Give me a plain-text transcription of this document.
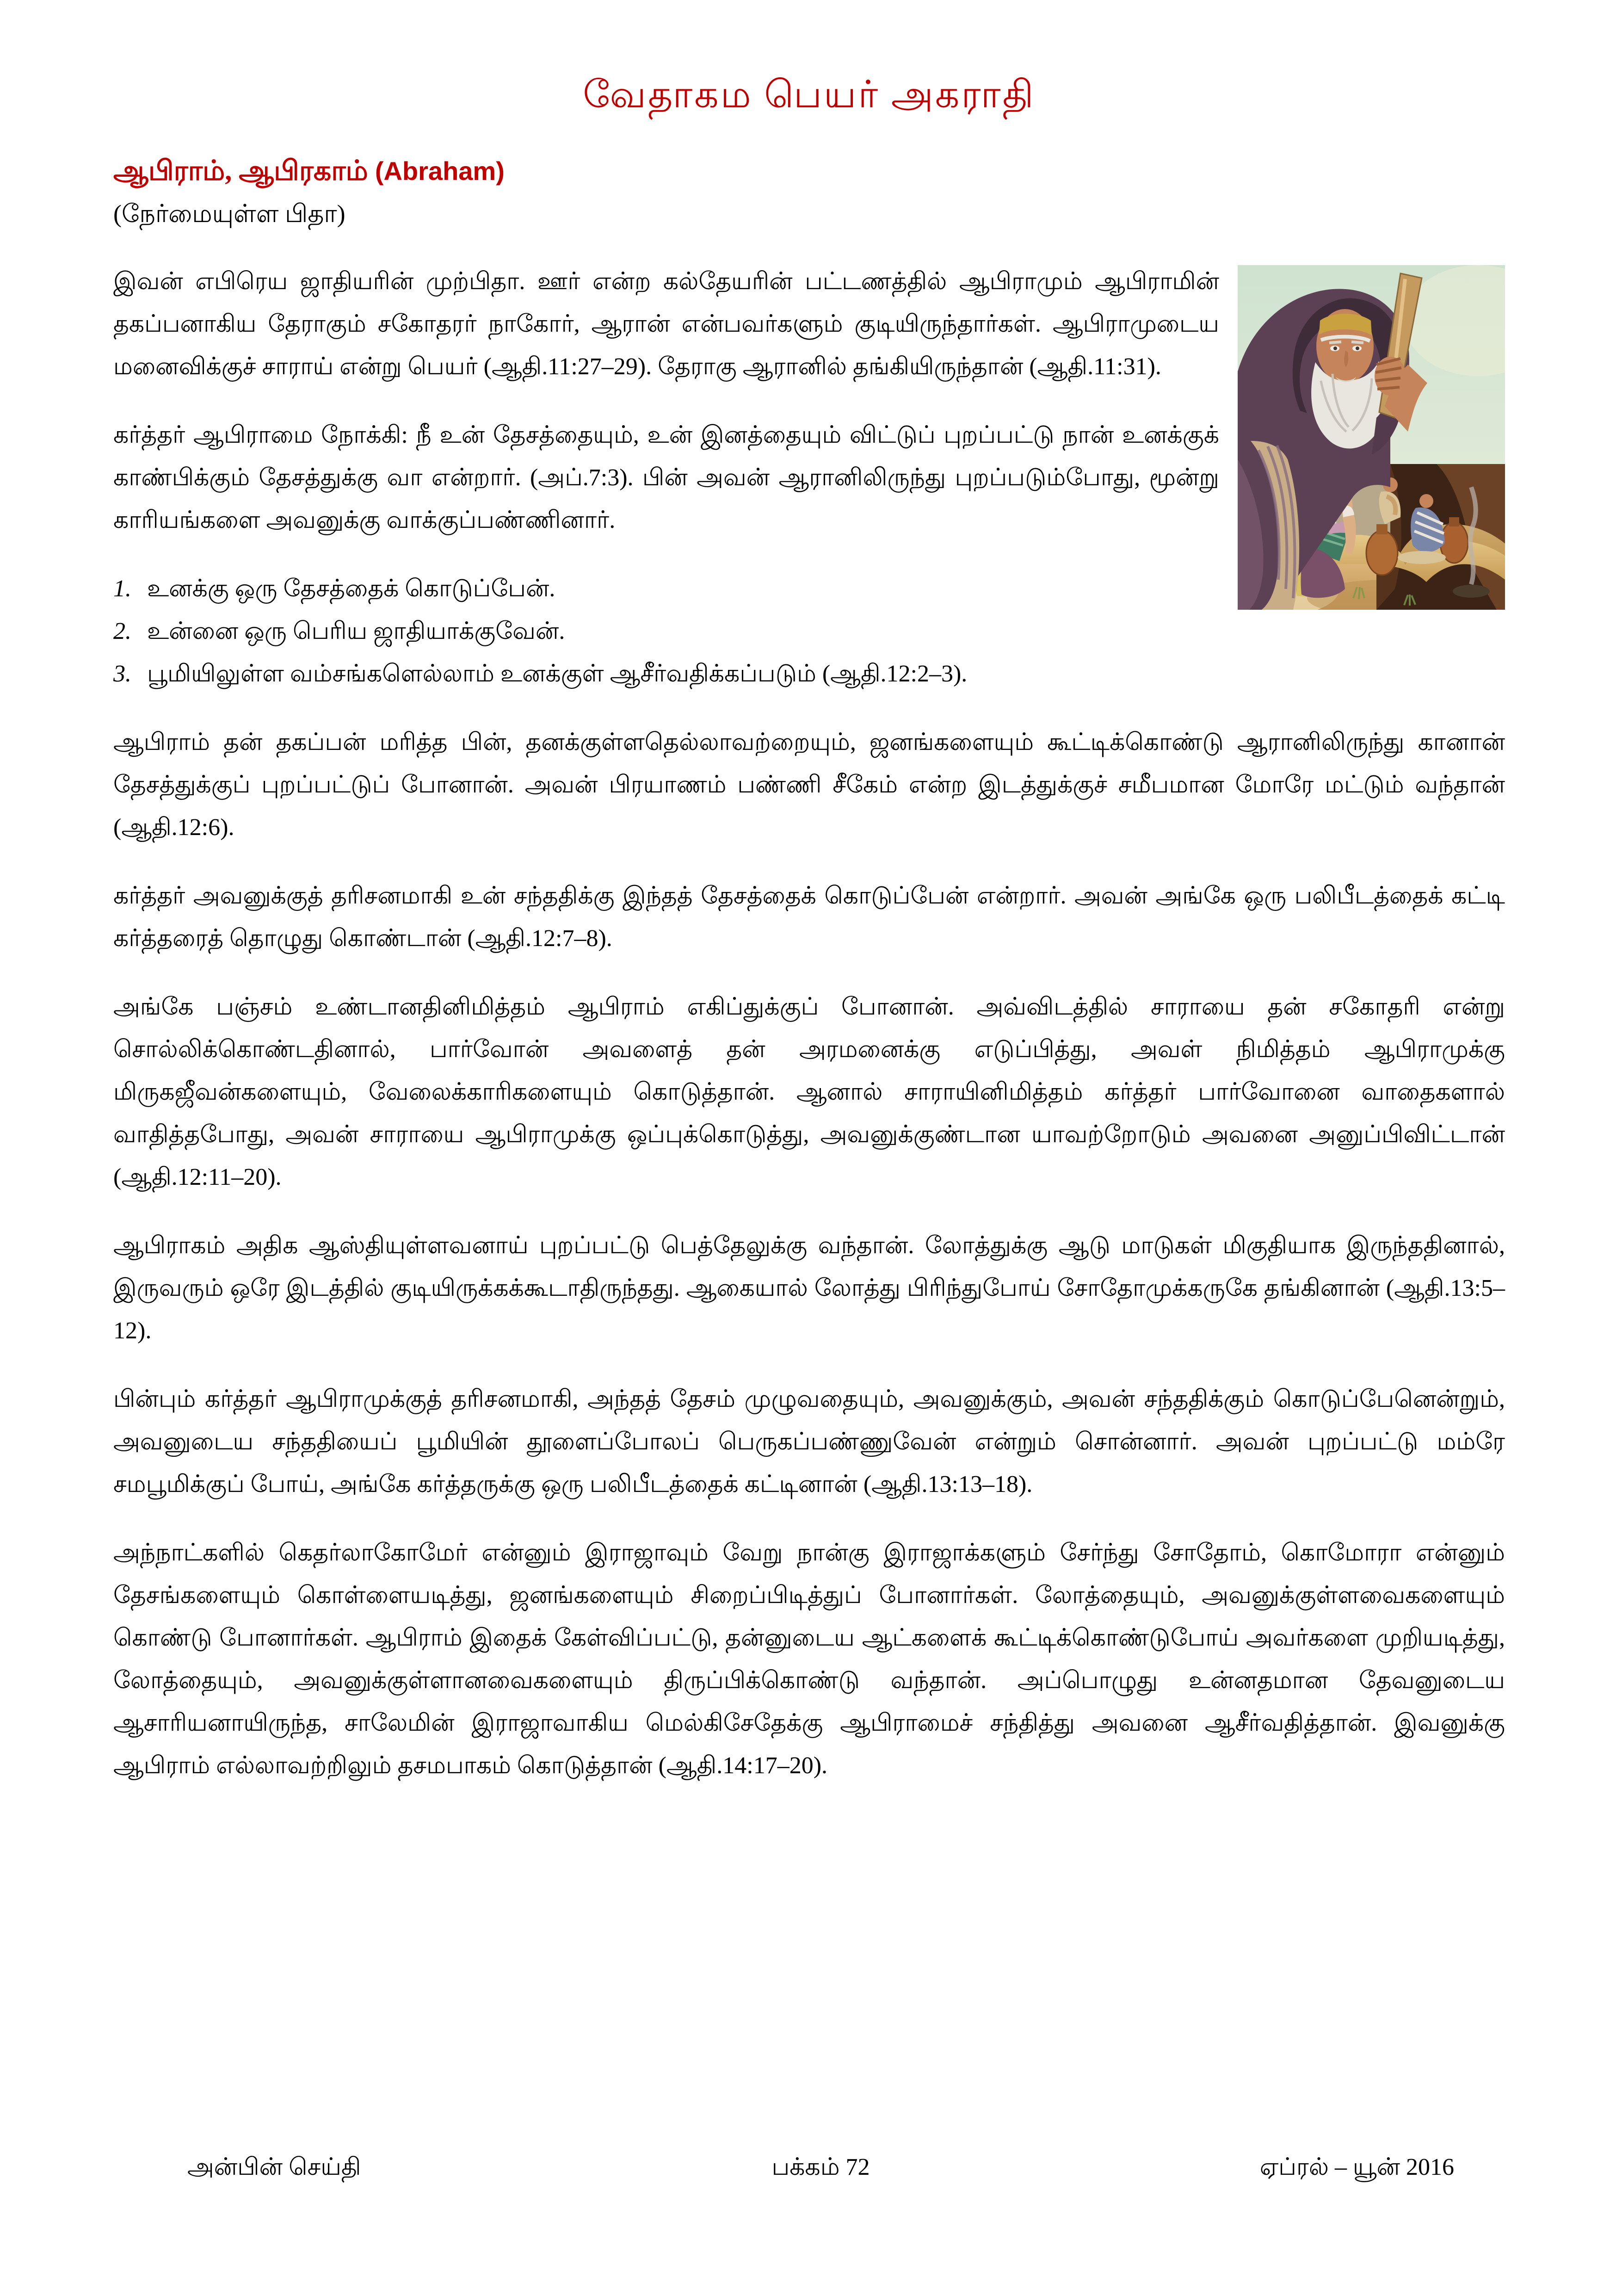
வேதாகம பெயர் அகராதி
ஆபிராம், ஆபிரகாம் (Abraham)
(நேர்மையுள்ள பிதா)

இவன் எபிரெய ஜாதியரின் முற்பிதா. ஊர் என்ற கல்தேயரின் பட்டணத்தில் ஆபிராமும் ஆபிராமின் தகப்பனாகிய தேராகும் சகோதரர் நாகோர், ஆரான் என்பவர்களும் குடியிருந்தார்கள். ஆபிராமுடைய மனைவிக்குச் சாராய் என்று பெயர் (ஆதி.11:27–29). தேராகு ஆரானில் தங்கியிருந்தான் (ஆதி.11:31).

கர்த்தர் ஆபிராமை நோக்கி: நீ உன் தேசத்தையும், உன் இனத்தையும் விட்டுப் புறப்பட்டு நான் உனக்குக் காண்பிக்கும் தேசத்துக்கு வா என்றார். (அப்.7:3). பின் அவன் ஆரானிலிருந்து புறப்படும்போது, மூன்று காரியங்களை அவனுக்கு வாக்குப்பண்ணினார்.

1. உனக்கு ஒரு தேசத்தைக் கொடுப்பேன்.
2. உன்னை ஒரு பெரிய ஜாதியாக்குவேன்.
3. பூமியிலுள்ள வம்சங்களெல்லாம் உனக்குள் ஆசீர்வதிக்கப்படும் (ஆதி.12:2–3).

ஆபிராம் தன் தகப்பன் மரித்த பின், தனக்குள்ளதெல்லாவற்றையும், ஜனங்களையும் கூட்டிக்கொண்டு ஆரானிலிருந்து கானான் தேசத்துக்குப் புறப்பட்டுப் போனான். அவன் பிரயாணம் பண்ணி சீகேம் என்ற இடத்துக்குச் சமீபமான மோரே மட்டும் வந்தான் (ஆதி.12:6).

கர்த்தர் அவனுக்குத் தரிசனமாகி உன் சந்ததிக்கு இந்தத் தேசத்தைக் கொடுப்பேன் என்றார். அவன் அங்கே ஒரு பலிபீடத்தைக் கட்டி கர்த்தரைத் தொழுது கொண்டான் (ஆதி.12:7–8).

அங்கே பஞ்சம் உண்டானதினிமித்தம் ஆபிராம் எகிப்துக்குப் போனான். அவ்விடத்தில் சாராயை தன் சகோதரி என்று சொல்லிக்கொண்டதினால், பார்வோன் அவளைத் தன் அரமனைக்கு எடுப்பித்து, அவள் நிமித்தம் ஆபிராமுக்கு மிருகஜீவன்களையும், வேலைக்காரிகளையும் கொடுத்தான். ஆனால் சாராயினிமித்தம் கர்த்தர் பார்வோனை வாதைகளால் வாதித்தபோது, அவன் சாராயை ஆபிராமுக்கு ஒப்புக்கொடுத்து, அவனுக்குண்டான யாவற்றோடும் அவனை அனுப்பிவிட்டான் (ஆதி.12:11–20).

ஆபிராகம் அதிக ஆஸ்தியுள்ளவனாய் புறப்பட்டு பெத்தேலுக்கு வந்தான். லோத்துக்கு ஆடு மாடுகள் மிகுதியாக இருந்ததினால், இருவரும் ஒரே இடத்தில் குடியிருக்கக்கூடாதிருந்தது. ஆகையால் லோத்து பிரிந்துபோய் சோதோமுக்கருகே தங்கினான் (ஆதி.13:5–12).

பின்பும் கர்த்தர் ஆபிராமுக்குத் தரிசனமாகி, அந்தத் தேசம் முழுவதையும், அவனுக்கும், அவன் சந்ததிக்கும் கொடுப்பேனென்றும், அவனுடைய சந்ததியைப் பூமியின் தூளைப்போலப் பெருகப்பண்ணுவேன் என்றும் சொன்னார். அவன் புறப்பட்டு மம்ரே சமபூமிக்குப் போய், அங்கே கர்த்தருக்கு ஒரு பலிபீடத்தைக் கட்டினான் (ஆதி.13:13–18).

அந்நாட்களில் கெதர்லாகோமேர் என்னும் இராஜாவும் வேறு நான்கு இராஜாக்களும் சேர்ந்து சோதோம், கொமோரா என்னும் தேசங்களையும் கொள்ளையடித்து, ஜனங்களையும் சிறைப்பிடித்துப் போனார்கள். லோத்தையும், அவனுக்குள்ளவைகளையும் கொண்டு போனார்கள். ஆபிராம் இதைக் கேள்விப்பட்டு, தன்னுடைய ஆட்களைக் கூட்டிக்கொண்டுபோய் அவர்களை முறியடித்து, லோத்தையும், அவனுக்குள்ளானவைகளையும் திருப்பிக்கொண்டு வந்தான். அப்பொழுது உன்னதமான தேவனுடைய ஆசாரியனாயிருந்த, சாலேமின் இராஜாவாகிய மெல்கிசேதேக்கு ஆபிராமைச் சந்தித்து அவனை ஆசீர்வதித்தான். இவனுக்கு ஆபிராம் எல்லாவற்றிலும் தசமபாகம் கொடுத்தான் (ஆதி.14:17–20).

அன்பின் செய்தி	பக்கம் 72	ஏப்ரல் – யூன் 2016
